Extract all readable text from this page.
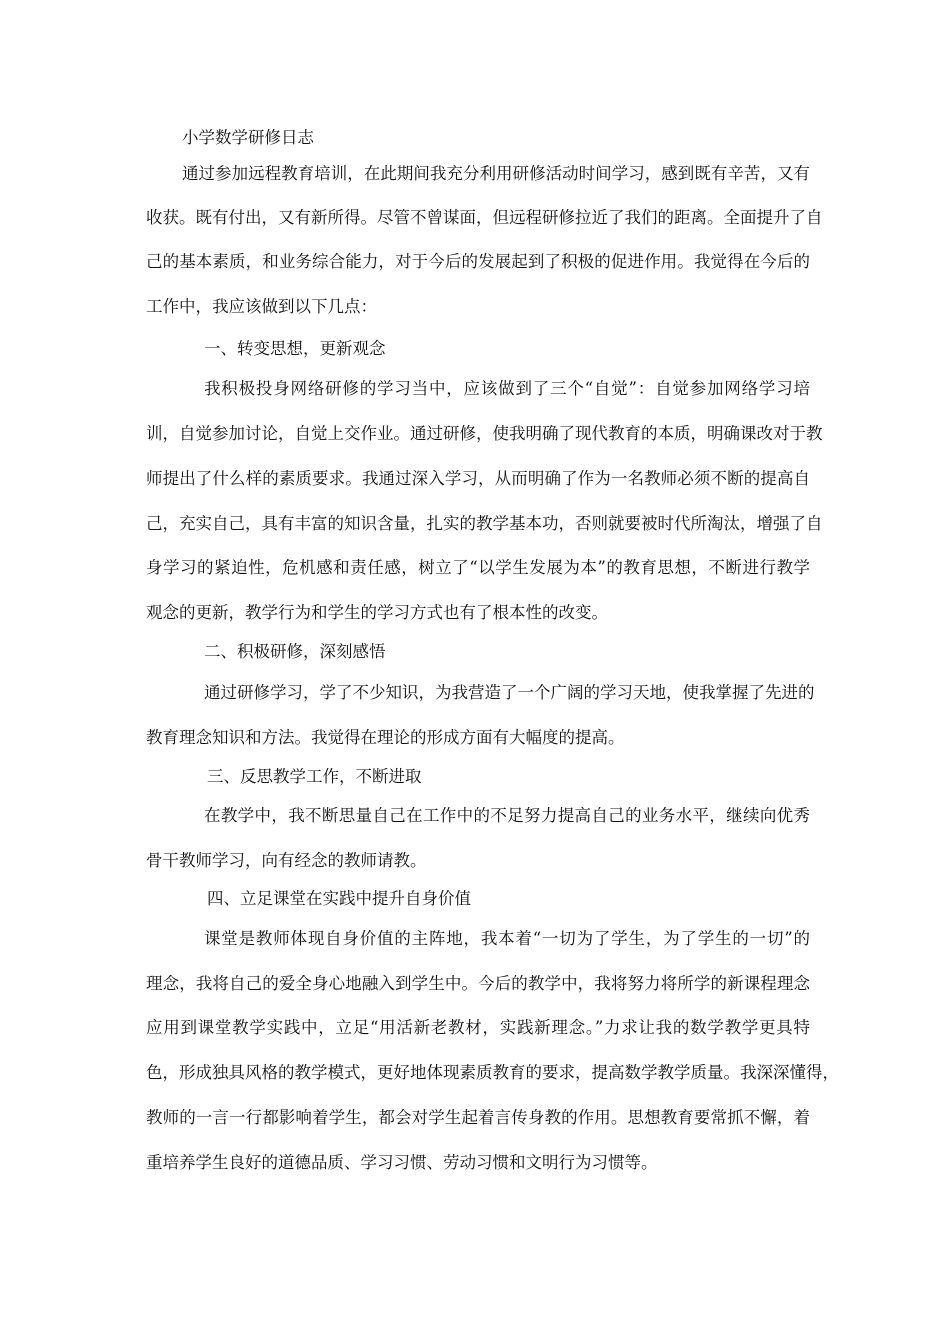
小学数学研修日志
通过参加远程教育培训，在此期间我充分利用研修活动时间学习，感到既有辛苦，又有
收获。既有付出，又有新所得。尽管不曾谋面，但远程研修拉近了我们的距离。全面提升了自
己的基本素质，和业务综合能力，对于今后的发展起到了积极的促进作用。我觉得在今后的
工作中，我应该做到以下几点：
一、转变思想，更新观念
我积极投身网络研修的学习当中，应该做到了三个“自觉”：自觉参加网络学习培
训，自觉参加讨论，自觉上交作业。通过研修，使我明确了现代教育的本质，明确课改对于教
师提出了什么样的素质要求。我通过深入学习，从而明确了作为一名教师必须不断的提高自
己，充实自己，具有丰富的知识含量，扎实的教学基本功，否则就要被时代所淘汰，增强了自
身学习的紧迫性，危机感和责任感，树立了“以学生发展为本”的教育思想，不断进行教学
观念的更新，教学行为和学生的学习方式也有了根本性的改变。
二、积极研修，深刻感悟
通过研修学习，学了不少知识，为我营造了一个广阔的学习天地，使我掌握了先进的
教育理念知识和方法。我觉得在理论的形成方面有大幅度的提高。
三、反思教学工作，不断进取
在教学中，我不断思量自己在工作中的不足努力提高自己的业务水平，继续向优秀
骨干教师学习，向有经念的教师请教。
四、立足课堂在实践中提升自身价值
课堂是教师体现自身价值的主阵地，我本着“一切为了学生，为了学生的一切”的
理念，我将自己的爱全身心地融入到学生中。今后的教学中，我将努力将所学的新课程理念
应用到课堂教学实践中，立足“用活新老教材，实践新理念。”力求让我的数学教学更具特
色，形成独具风格的教学模式，更好地体现素质教育的要求，提高数学教学质量。我深深懂得，
教师的一言一行都影响着学生，都会对学生起着言传身教的作用。思想教育要常抓不懈，着
重培养学生良好的道德品质、学习习惯、劳动习惯和文明行为习惯等。
